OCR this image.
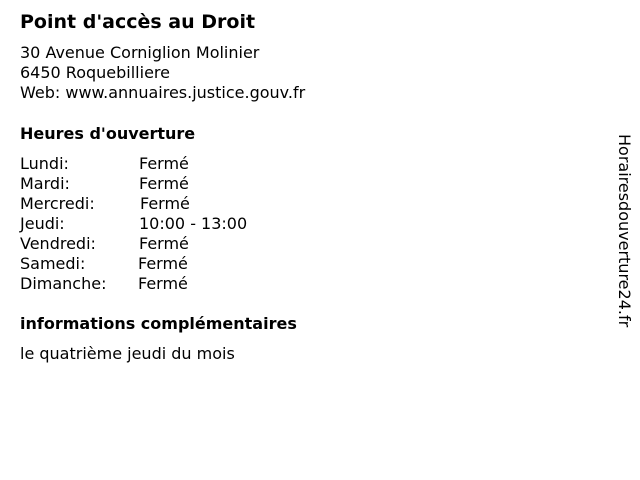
Point d'accès au Droit
30 Avenue Corniglion Molinier
6450 Roquebilliere
Web: www.annuaires.justice.gouv.fr
Heures d'ouverture
Lundi:	Fermé
Mardi:	Fermé
Mercredi:	Fermé
Jeudi:	10:00 - 13:00
Vendredi:	Fermé
Samedi:	Fermé
Dimanche: Fermé
informations complémentaires
le quatrième jeudi du mois
Horairesdouverture24.fr
